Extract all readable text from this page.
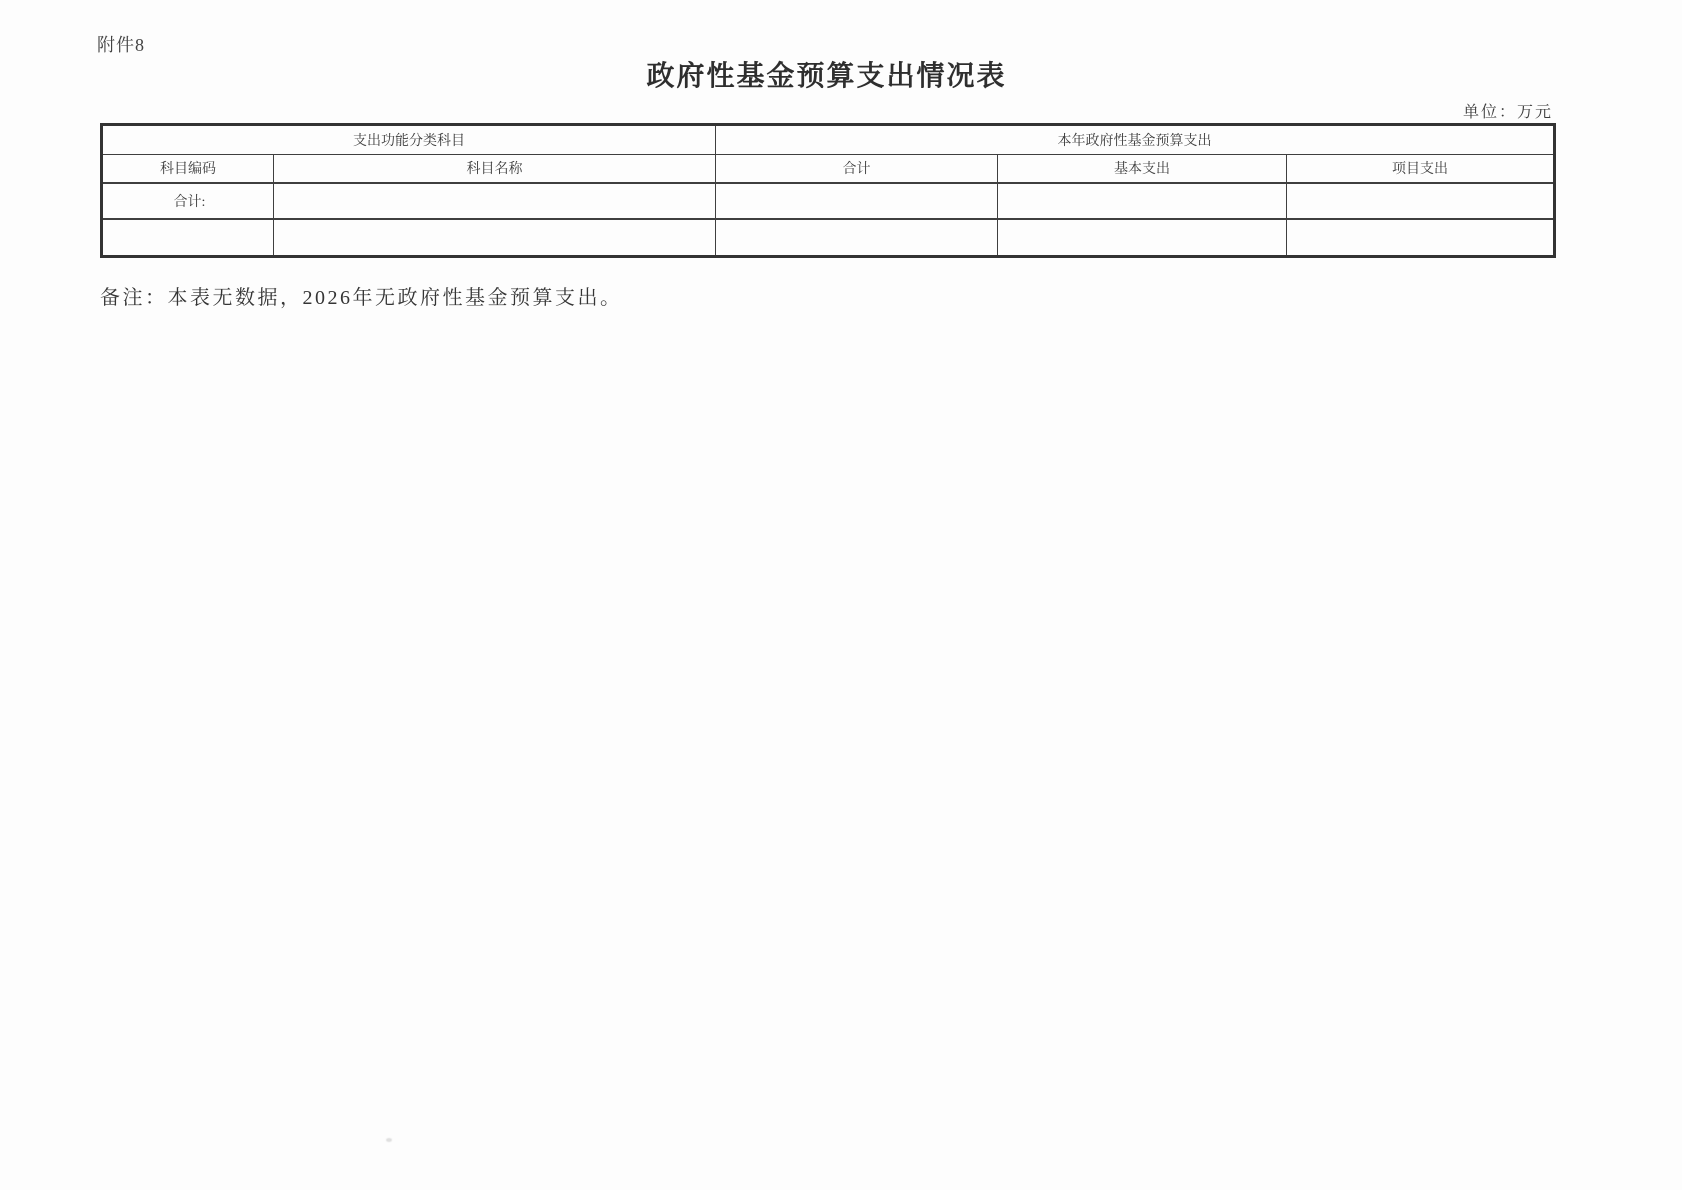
附件8
政府性基金预算支出情况表
单位：万元
支出功能分类科目		本年政府性基金预算支出		
科目编码	科目名称	合计	基本支出	项目支出
合计:				

备注：本表无数据，2026年无政府性基金预算支出。
